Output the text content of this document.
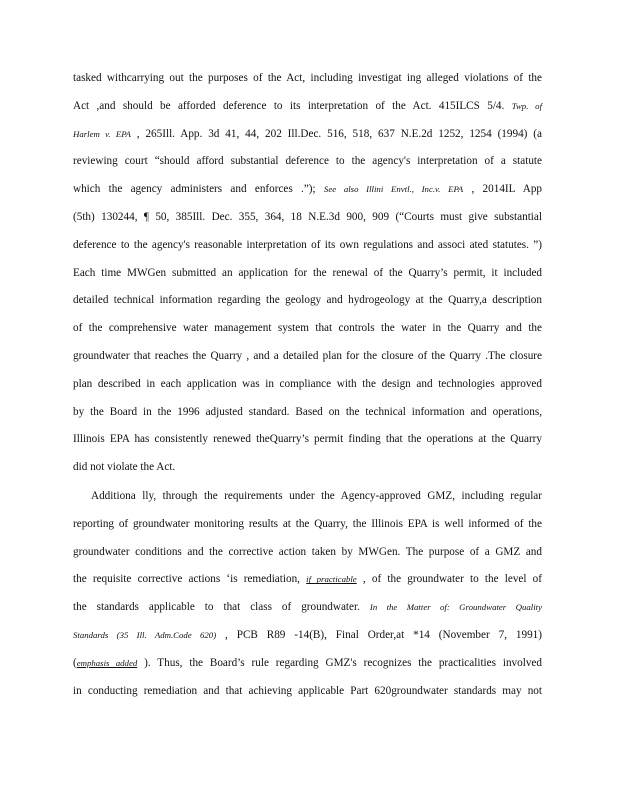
tasked withcarrying out the purposes of the Act, including investigat ing alleged violations of the
Act ,and should be afforded deference to its interpretation of the Act. 415ILCS 5/4. Twp. of
Harlem v. EPA , 265Ill. App. 3d 41, 44, 202 Ill.Dec. 516, 518, 637 N.E.2d 1252, 1254 (1994) (a
reviewing court “should afford substantial deference to the agency's interpretation of a statute
which the agency administers and enforces .”); See also Illini Envtl., Inc.v. EPA , 2014IL App
(5th) 130244, ¶ 50, 385Ill. Dec. 355, 364, 18 N.E.3d 900, 909 (“Courts must give substantial
deference to the agency's reasonable interpretation of its own regulations and associ ated statutes. ”)
Each time MWGen submitted an application for the renewal of the Quarry’s permit, it included
detailed technical information regarding the geology and hydrogeology at the Quarry,a description
of the comprehensive water management system that controls the water in the Quarry and the
groundwater that reaches the Quarry , and a detailed plan for the closure of the Quarry .The closure
plan described in each application was in compliance with the design and technologies approved
by the Board in the 1996 adjusted standard. Based on the technical information and operations,
Illinois EPA has consistently renewed theQuarry’s permit finding that the operations at the Quarry
did not violate the Act.
Additiona lly, through the requirements under the Agency-approved GMZ, including regular
reporting of groundwater monitoring results at the Quarry, the Illinois EPA is well informed of the
groundwater conditions and the corrective action taken by MWGen. The purpose of a GMZ and
the requisite corrective actions ‘is remediation, if practicable , of the groundwater to the level of
the standards applicable to that class of groundwater. In the Matter of: Groundwater Quality
Standards (35 Ill. Adm.Code 620) , PCB R89 -14(B), Final Order,at *14 (November 7, 1991)
(emphasis added ). Thus, the Board’s rule regarding GMZ's recognizes the practicalities involved
in conducting remediation and that achieving applicable Part 620groundwater standards may not
